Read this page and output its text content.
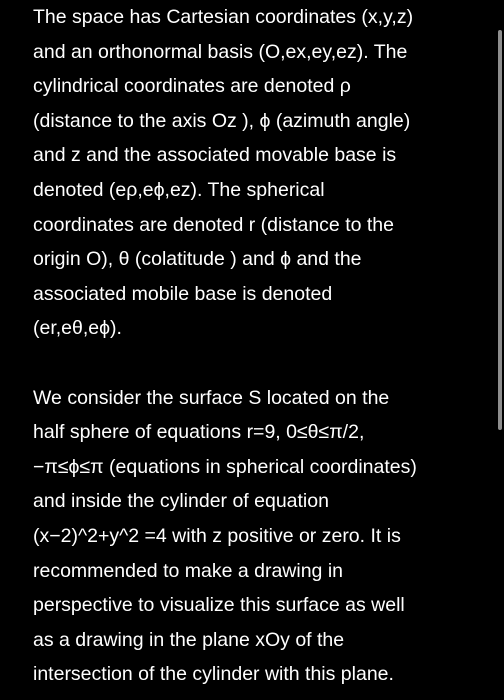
The space has Cartesian coordinates (x,y,z)
and an orthonormal basis (O,ex,ey,ez). The
cylindrical coordinates are denoted ρ
(distance to the axis Oz ), ϕ (azimuth angle)
and z and the associated movable base is
denoted (eρ,eϕ,ez). The spherical
coordinates are denoted r (distance to the
origin O), θ (colatitude ) and ϕ and the
associated mobile base is denoted
(er,eθ,eϕ).

We consider the surface S located on the
half sphere of equations r=9, 0≤θ≤π/2,
−π≤ϕ≤π (equations in spherical coordinates)
and inside the cylinder of equation
(x−2)^2+y^2 =4 with z positive or zero. It is
recommended to make a drawing in
perspective to visualize this surface as well
as a drawing in the plane xOy of the
intersection of the cylinder with this plane.
